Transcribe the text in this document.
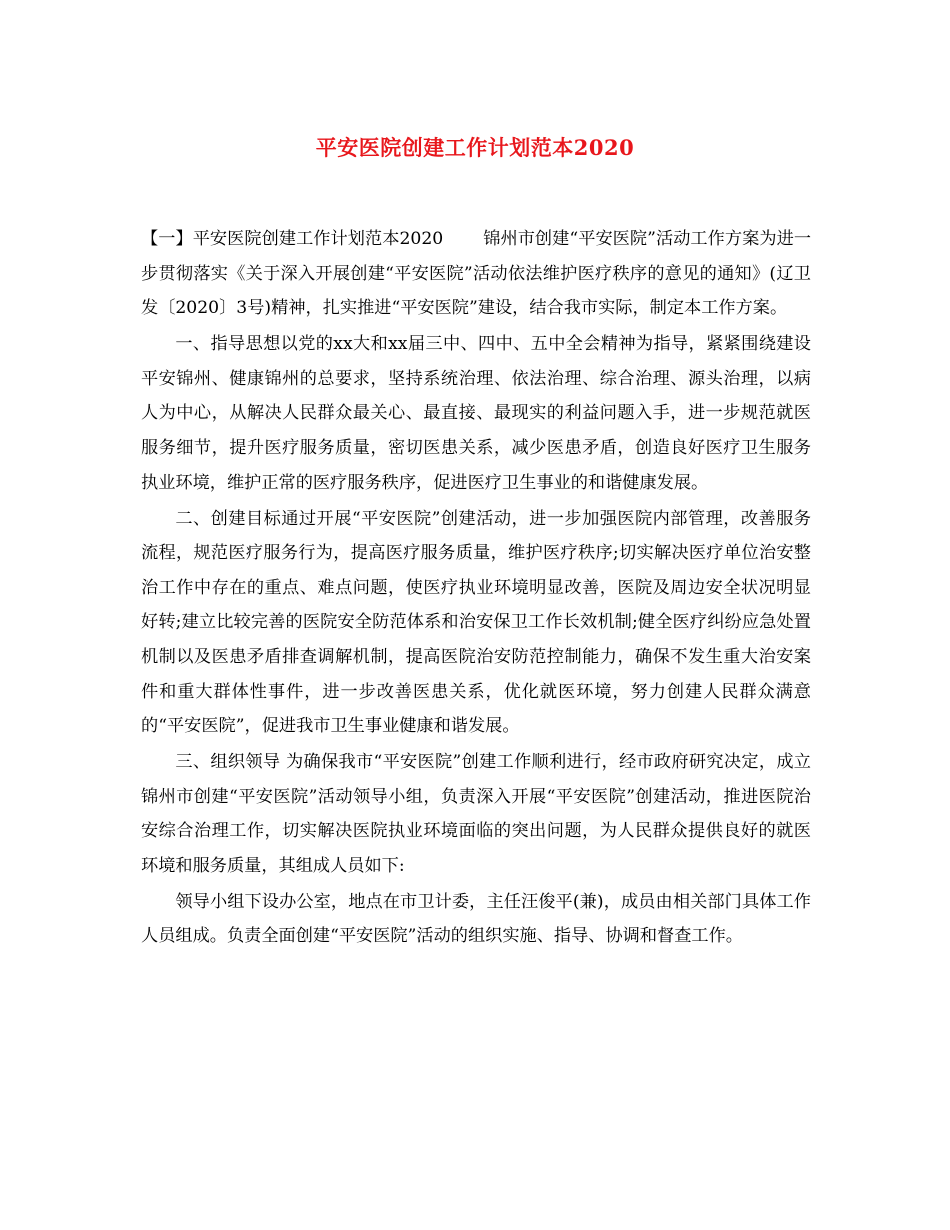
平安医院创建工作计划范本2020

【一】平安医院创建工作计划范本2020 锦州市创建“平安医院”活动工作方案为进一步贯彻落实《关于深入开展创建“平安医院”活动依法维护医疗秩序的意见的通知》(辽卫发〔2020〕3号)精神，扎实推进“平安医院”建设，结合我市实际，制定本工作方案。

一、指导思想以党的xx大和xx届三中、四中、五中全会精神为指导，紧紧围绕建设平安锦州、健康锦州的总要求，坚持系统治理、依法治理、综合治理、源头治理，以病人为中心，从解决人民群众最关心、最直接、最现实的利益问题入手，进一步规范就医服务细节，提升医疗服务质量，密切医患关系，减少医患矛盾，创造良好医疗卫生服务执业环境，维护正常的医疗服务秩序，促进医疗卫生事业的和谐健康发展。

二、创建目标通过开展“平安医院”创建活动，进一步加强医院内部管理，改善服务流程，规范医疗服务行为，提高医疗服务质量，维护医疗秩序;切实解决医疗单位治安整治工作中存在的重点、难点问题，使医疗执业环境明显改善，医院及周边安全状况明显好转;建立比较完善的医院安全防范体系和治安保卫工作长效机制;健全医疗纠纷应急处置机制以及医患矛盾排查调解机制，提高医院治安防范控制能力，确保不发生重大治安案件和重大群体性事件，进一步改善医患关系，优化就医环境，努力创建人民群众满意的“平安医院”，促进我市卫生事业健康和谐发展。

三、组织领导 为确保我市“平安医院”创建工作顺利进行，经市政府研究决定，成立锦州市创建“平安医院”活动领导小组，负责深入开展“平安医院”创建活动，推进医院治安综合治理工作，切实解决医院执业环境面临的突出问题，为人民群众提供良好的就医环境和服务质量，其组成人员如下:

领导小组下设办公室，地点在市卫计委，主任汪俊平(兼)，成员由相关部门具体工作人员组成。负责全面创建“平安医院”活动的组织实施、指导、协调和督查工作。
